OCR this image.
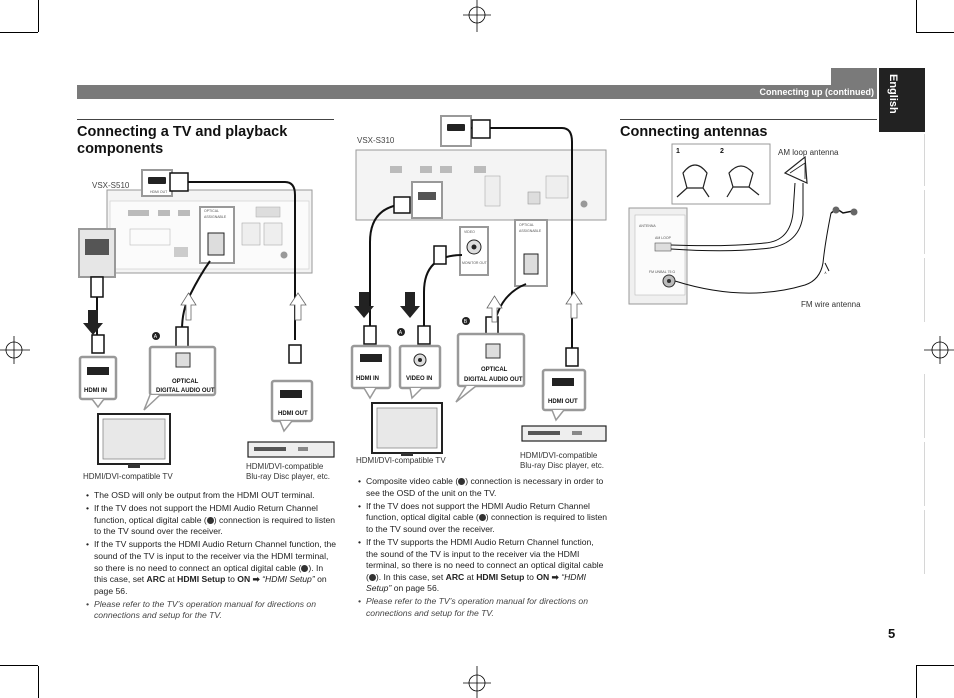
Connecting up (continued) English
Connecting a TV and playback
components
VSX-S510
HDMI OUT
OPTICAL
ASSIGNABLE
A
HDMI IN
OPTICAL
DIGITAL AUDIO OUT
HDMI OUT
HDMI/DVI-compatible TV
HDMI/DVI-compatible
Blu-ray Disc player, etc.
• The OSD will only be output from the HDMI OUT terminal.
• If the TV does not support the HDMI Audio Return Channel function, optical digital cable ( ) connection is required to listen to the TV sound over the receiver.
• If the TV supports the HDMI Audio Return Channel function, the sound of the TV is input to the receiver via the HDMI terminal, so there is no need to connect an optical digital cable ( ). In this case, set ARC at HDMI Setup to ON ➡ “HDMI Setup” on page 56.
• Please refer to the TV’s operation manual for directions on connections and setup for the TV.
VSX-S310
VIDEO
MONITOR OUT
OPTICAL
ASSIGNABLE
A
B
HDMI IN	VIDEO IN
OPTICAL
DIGITAL AUDIO OUT
HDMI OUT
HDMI/DVI-compatible TV
HDMI/DVI-compatible
Blu-ray Disc player, etc.
• Composite video cable ( ) connection is necessary in order to see the OSD of the unit on the TV.
• If the TV does not support the HDMI Audio Return Channel function, optical digital cable ( ) connection is required to listen to the TV sound over the receiver.
• If the TV supports the HDMI Audio Return Channel function, the sound of the TV is input to the receiver via the HDMI terminal, so there is no need to connect an optical digital cable ( ). In this case, set ARC at HDMI Setup to ON ➡ “HDMI Setup” on page 56.
• Please refer to the TV’s operation manual for directions on connections and setup for the TV.
Connecting antennas
1	2
ANTENNA
AM LOOP
FM UNBAL 75 Ω	∧
AM loop antenna
FM wire antenna
5
